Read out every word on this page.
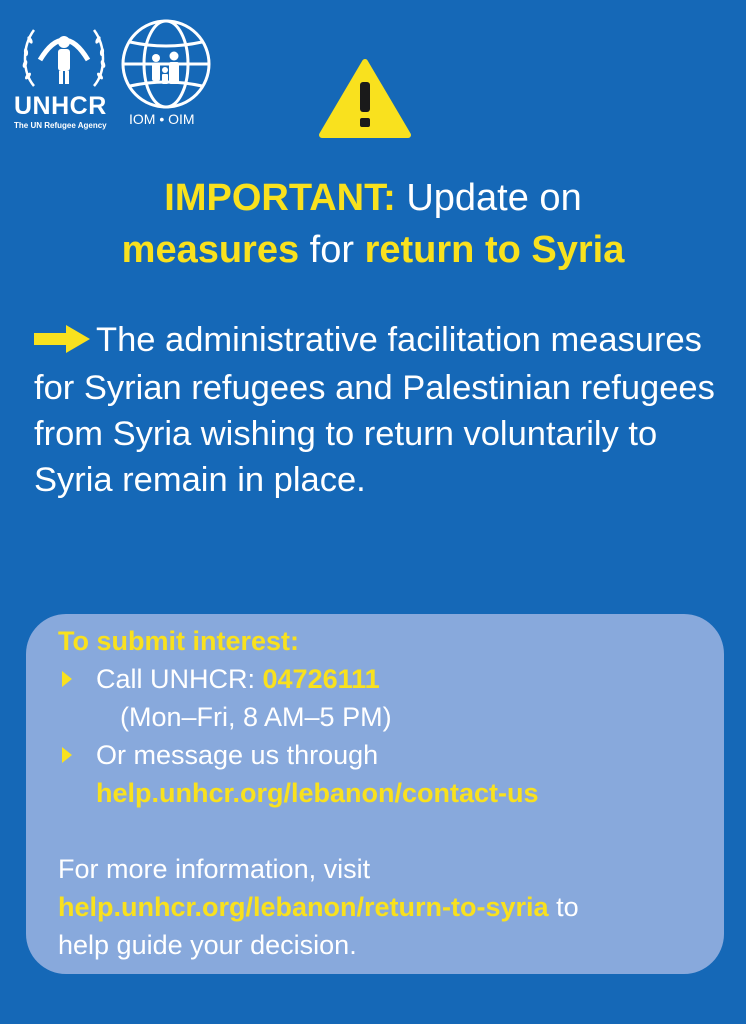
UNHCR
The UN Refugee Agency IOM • OIM
IMPORTANT: Update on
measures for return to Syria
The administrative facilitation measures for Syrian refugees and Palestinian refugees from Syria wishing to return voluntarily to Syria remain in place.
To submit interest:
Call UNHCR: 04726111
(Mon–Fri, 8 AM–5 PM)
Or message us through
help.unhcr.org/lebanon/contact-us
For more information, visit
help.unhcr.org/lebanon/return-to-syria to
help guide your decision.
